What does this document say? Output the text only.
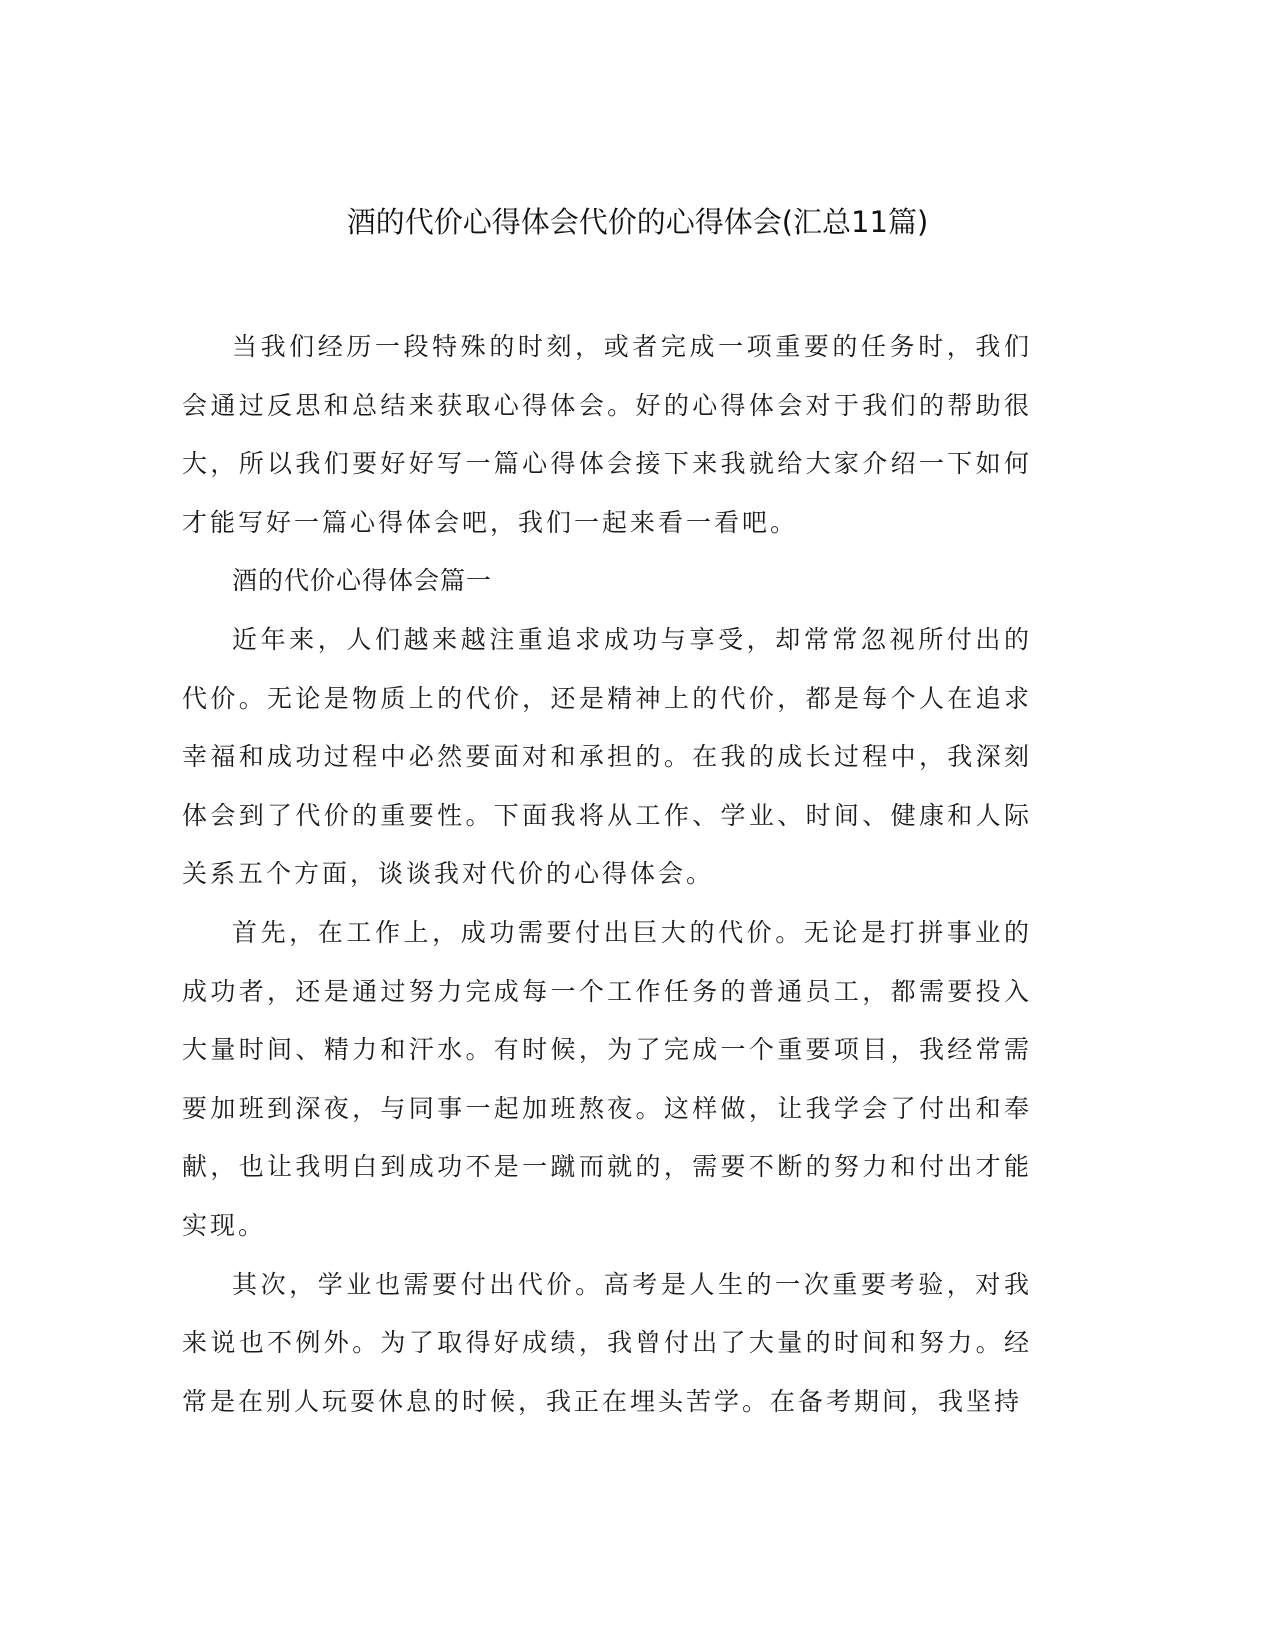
酒的代价心得体会代价的心得体会(汇总11篇)

当我们经历一段特殊的时刻，或者完成一项重要的任务时，我们会通过反思和总结来获取心得体会。好的心得体会对于我们的帮助很大，所以我们要好好写一篇心得体会接下来我就给大家介绍一下如何才能写好一篇心得体会吧，我们一起来看一看吧。

酒的代价心得体会篇一

近年来，人们越来越注重追求成功与享受，却常常忽视所付出的代价。无论是物质上的代价，还是精神上的代价，都是每个人在追求幸福和成功过程中必然要面对和承担的。在我的成长过程中，我深刻体会到了代价的重要性。下面我将从工作、学业、时间、健康和人际关系五个方面，谈谈我对代价的心得体会。

首先，在工作上，成功需要付出巨大的代价。无论是打拼事业的成功者，还是通过努力完成每一个工作任务的普通员工，都需要投入大量时间、精力和汗水。有时候，为了完成一个重要项目，我经常需要加班到深夜，与同事一起加班熬夜。这样做，让我学会了付出和奉献，也让我明白到成功不是一蹴而就的，需要不断的努力和付出才能实现。

其次，学业也需要付出代价。高考是人生的一次重要考验，对我来说也不例外。为了取得好成绩，我曾付出了大量的时间和努力。经常是在别人玩耍休息的时候，我正在埋头苦学。在备考期间，我坚持
